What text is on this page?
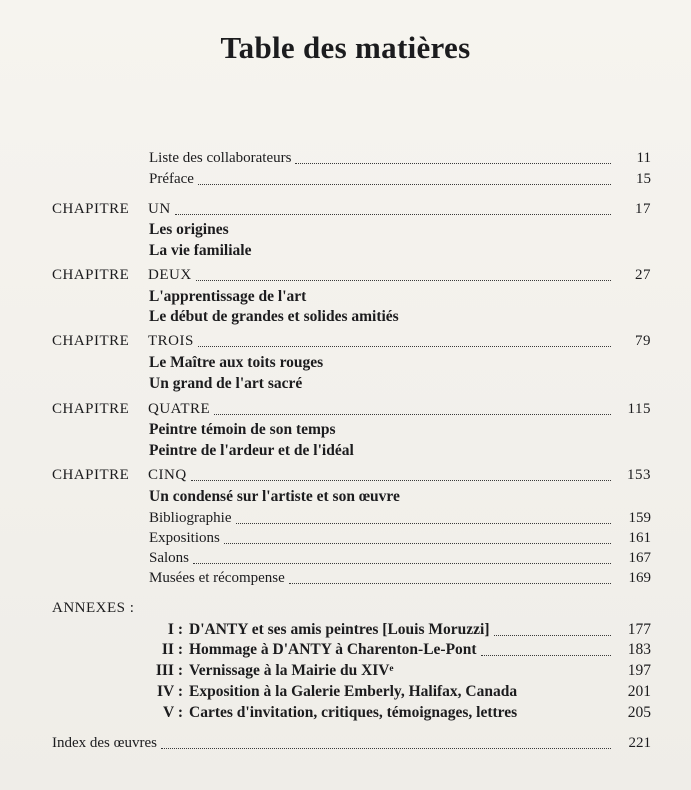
Table des matières
Liste des collaborateurs	11
Préface	15
CHAPITRE UN	17
Les origines
La vie familiale
CHAPITRE DEUX	27
L'apprentissage de l'art
Le début de grandes et solides amitiés
CHAPITRE TROIS	79
Le Maître aux toits rouges
Un grand de l'art sacré
CHAPITRE QUATRE	115
Peintre témoin de son temps
Peintre de l'ardeur et de l'idéal
CHAPITRE CINQ	153
Un condensé sur l'artiste et son œuvre
Bibliographie	159
Expositions	161
Salons	167
Musées et récompense	169
ANNEXES :
I : D'ANTY et ses amis peintres [Louis Moruzzi]	177
II : Hommage à D'ANTY à Charenton-Le-Pont	183
III : Vernissage à la Mairie du XIVᵉ	197
IV : Exposition à la Galerie Emberly, Halifax, Canada	201
V : Cartes d'invitation, critiques, témoignages, lettres	205
Index des œuvres	221
